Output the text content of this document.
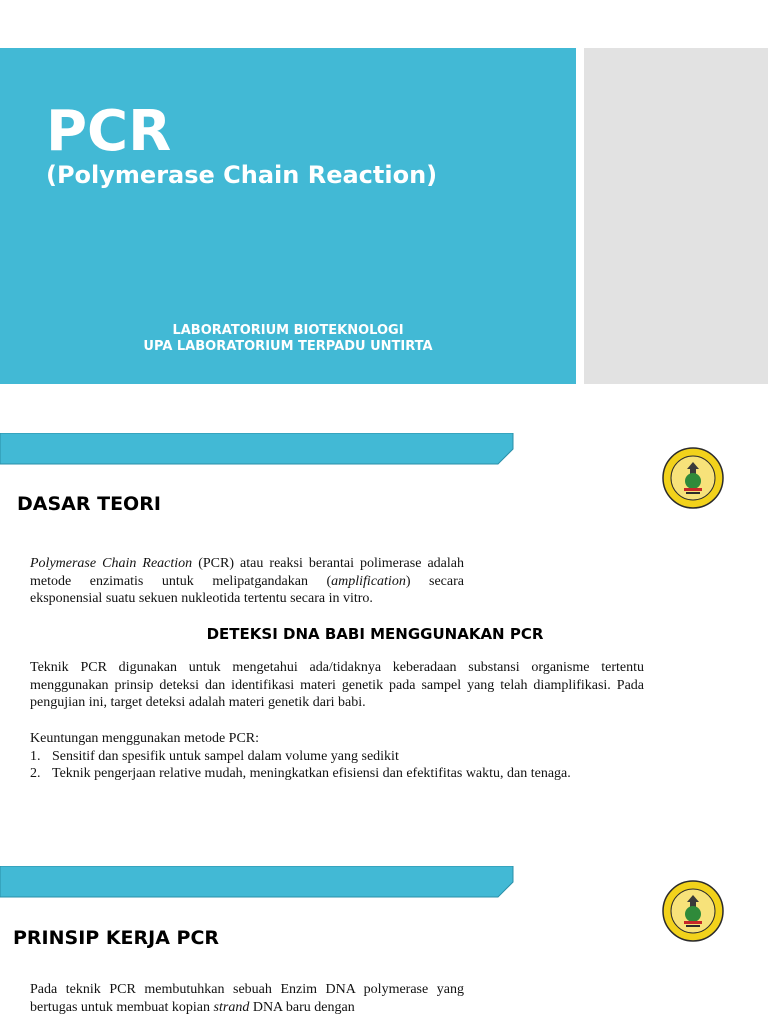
PCR
(Polymerase Chain Reaction)
LABORATORIUM BIOTEKNOLOGI
UPA LABORATORIUM TERPADU UNTIRTA
DASAR TEORI
Polymerase Chain Reaction (PCR) atau reaksi berantai polimerase adalah metode enzimatis untuk melipatgandakan (amplification) secara eksponensial suatu sekuen nukleotida tertentu secara in vitro.
DETEKSI DNA BABI MENGGUNAKAN PCR
Teknik PCR digunakan untuk mengetahui ada/tidaknya keberadaan substansi organisme tertentu menggunakan prinsip deteksi dan identifikasi materi genetik pada sampel yang telah diamplifikasi. Pada pengujian ini, target deteksi adalah materi genetik dari babi.
Keuntungan menggunakan metode PCR:
1. Sensitif dan spesifik untuk sampel dalam volume yang sedikit
2. Teknik pengerjaan relative mudah, meningkatkan efisiensi dan efektifitas waktu, dan tenaga.
PRINSIP KERJA PCR
Pada teknik PCR membutuhkan sebuah Enzim DNA polymerase yang bertugas untuk membuat kopian strand DNA baru dengan
